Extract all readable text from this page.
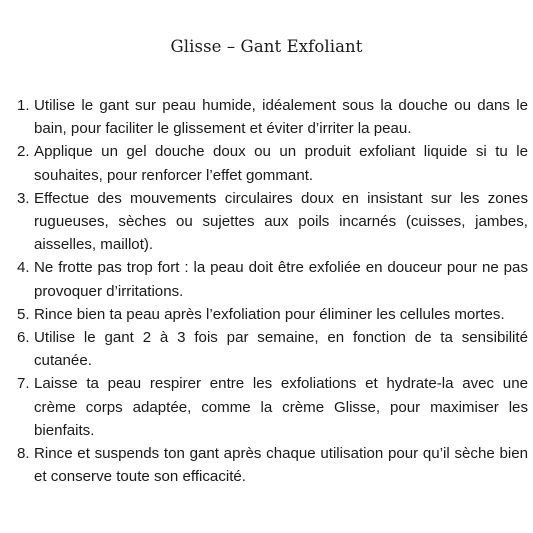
Glisse – Gant Exfoliant
1. Utilise le gant sur peau humide, idéalement sous la douche ou dans le bain, pour faciliter le glissement et éviter d’irriter la peau.
2. Applique un gel douche doux ou un produit exfoliant liquide si tu le souhaites, pour renforcer l’effet gommant.
3. Effectue des mouvements circulaires doux en insistant sur les zones rugueuses, sèches ou sujettes aux poils incarnés (cuisses, jambes, aisselles, maillot).
4. Ne frotte pas trop fort : la peau doit être exfoliée en douceur pour ne pas provoquer d’irritations.
5. Rince bien ta peau après l’exfoliation pour éliminer les cellules mortes.
6. Utilise le gant 2 à 3 fois par semaine, en fonction de ta sensibilité cutanée.
7. Laisse ta peau respirer entre les exfoliations et hydrate-la avec une crème corps adaptée, comme la crème Glisse, pour maximiser les bienfaits.
8. Rince et suspends ton gant après chaque utilisation pour qu’il sèche bien et conserve toute son efficacité.
